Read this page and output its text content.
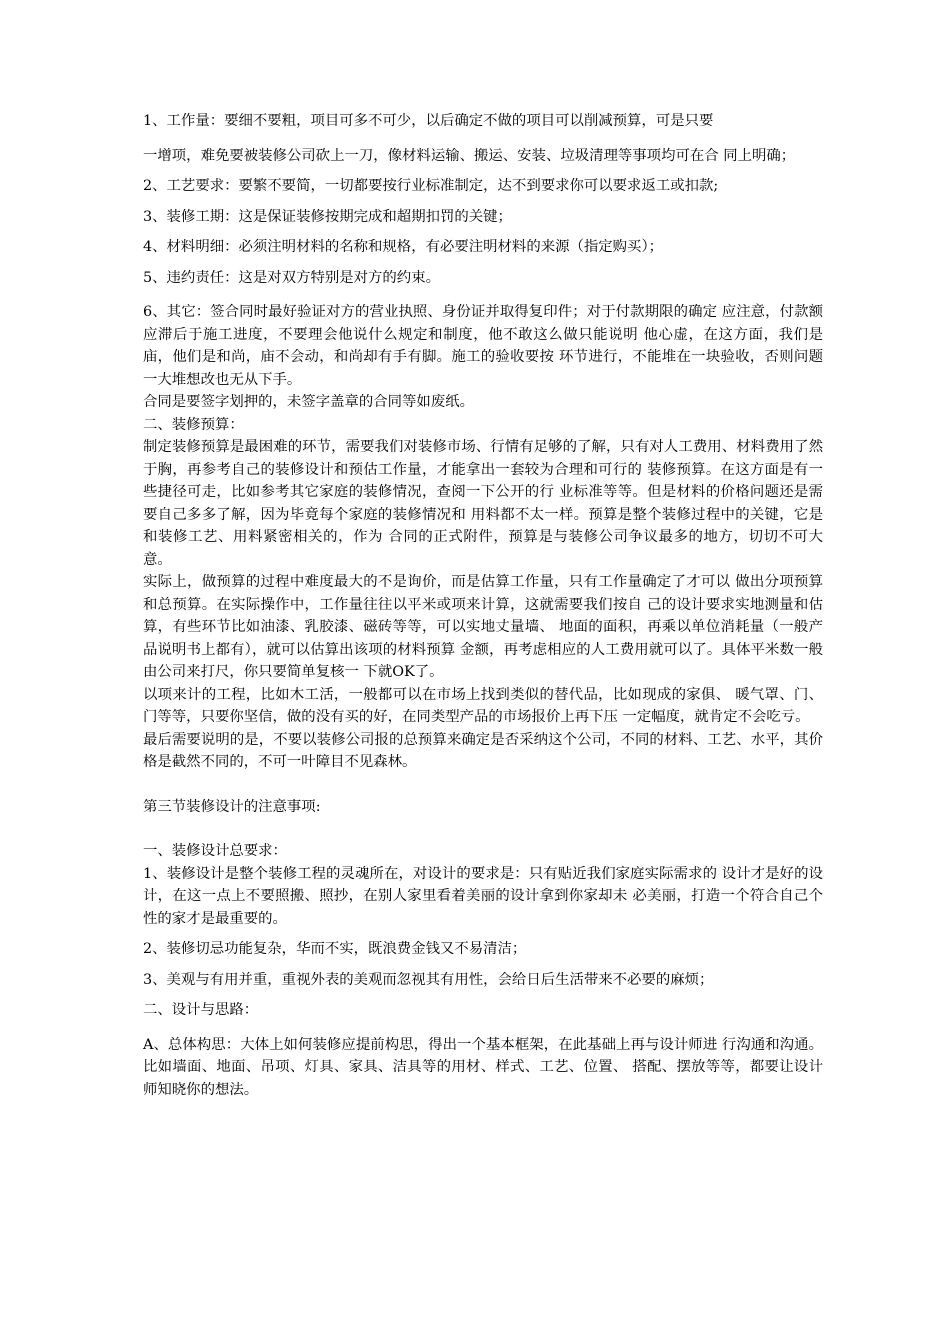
1、工作量：要细不要粗，项目可多不可少，以后确定不做的项目可以削减预算，可是只要

一增项，难免要被装修公司砍上一刀，像材料运输、搬运、安装、垃圾清理等事项均可在合 同上明确；

2、工艺要求：要繁不要简，一切都要按行业标准制定，达不到要求你可以要求返工或扣款;

3、装修工期：这是保证装修按期完成和超期扣罚的关键；

4、材料明细：必须注明材料的名称和规格，有必要注明材料的来源（指定购买）；

5、违约责任：这是对双方特别是对方的约束。

6、其它：签合同时最好验证对方的营业执照、身份证并取得复印件；对于付款期限的确定 应注意，付款额应滞后于施工进度，不要理会他说什么规定和制度，他不敢这么做只能说明 他心虚，在这方面，我们是庙，他们是和尚，庙不会动，和尚却有手有脚。施工的验收要按 环节进行，不能堆在一块验收，否则问题一大堆想改也无从下手。

合同是要签字划押的，未签字盖章的合同等如废纸。

二、装修预算：

制定装修预算是最困难的环节，需要我们对装修市场、行情有足够的了解，只有对人工费用、材料费用了然于胸，再参考自己的装修设计和预估工作量，才能拿出一套较为合理和可行的 装修预算。在这方面是有一些捷径可走，比如参考其它家庭的装修情况，查阅一下公开的行 业标准等等。但是材料的价格问题还是需要自己多多了解，因为毕竟每个家庭的装修情况和 用料都不太一样。预算是整个装修过程中的关键，它是和装修工艺、用料紧密相关的，作为 合同的正式附件，预算是与装修公司争议最多的地方，切切不可大意。

实际上，做预算的过程中难度最大的不是询价，而是估算工作量，只有工作量确定了才可以 做出分项预算和总预算。在实际操作中，工作量往往以平米或项来计算，这就需要我们按自 己的设计要求实地测量和估算，有些环节比如油漆、乳胶漆、磁砖等等，可以实地丈量墙、 地面的面积，再乘以单位消耗量（一般产品说明书上都有），就可以估算出该项的材料预算 金额，再考虑相应的人工费用就可以了。具体平米数一般由公司来打尺，你只要简单复核一 下就OK了。

以项来计的工程，比如木工活，一般都可以在市场上找到类似的替代品，比如现成的家俱、 暖气罩、门、门等等，只要你坚信，做的没有买的好，在同类型产品的市场报价上再下压 一定幅度，就肯定不会吃亏。

最后需要说明的是，不要以装修公司报的总预算来确定是否采纳这个公司，不同的材料、工艺、水平，其价格是截然不同的，不可一叶障目不见森林。

第三节装修设计的注意事项:

一、装修设计总要求：

1、装修设计是整个装修工程的灵魂所在，对设计的要求是：只有贴近我们家庭实际需求的 设计才是好的设计，在这一点上不要照搬、照抄，在别人家里看着美丽的设计拿到你家却未 必美丽，打造一个符合自己个性的家才是最重要的。

2、装修切忌功能复杂，华而不实，既浪费金钱又不易清洁；

3、美观与有用并重，重视外表的美观而忽视其有用性，会给日后生活带来不必要的麻烦；

二、设计与思路：

A、总体构思：大体上如何装修应提前构思，得出一个基本框架，在此基础上再与设计师进 行沟通和沟通。比如墙面、地面、吊项、灯具、家具、洁具等的用材、样式、工艺、位置、 搭配、摆放等等，都要让设计师知晓你的想法。
